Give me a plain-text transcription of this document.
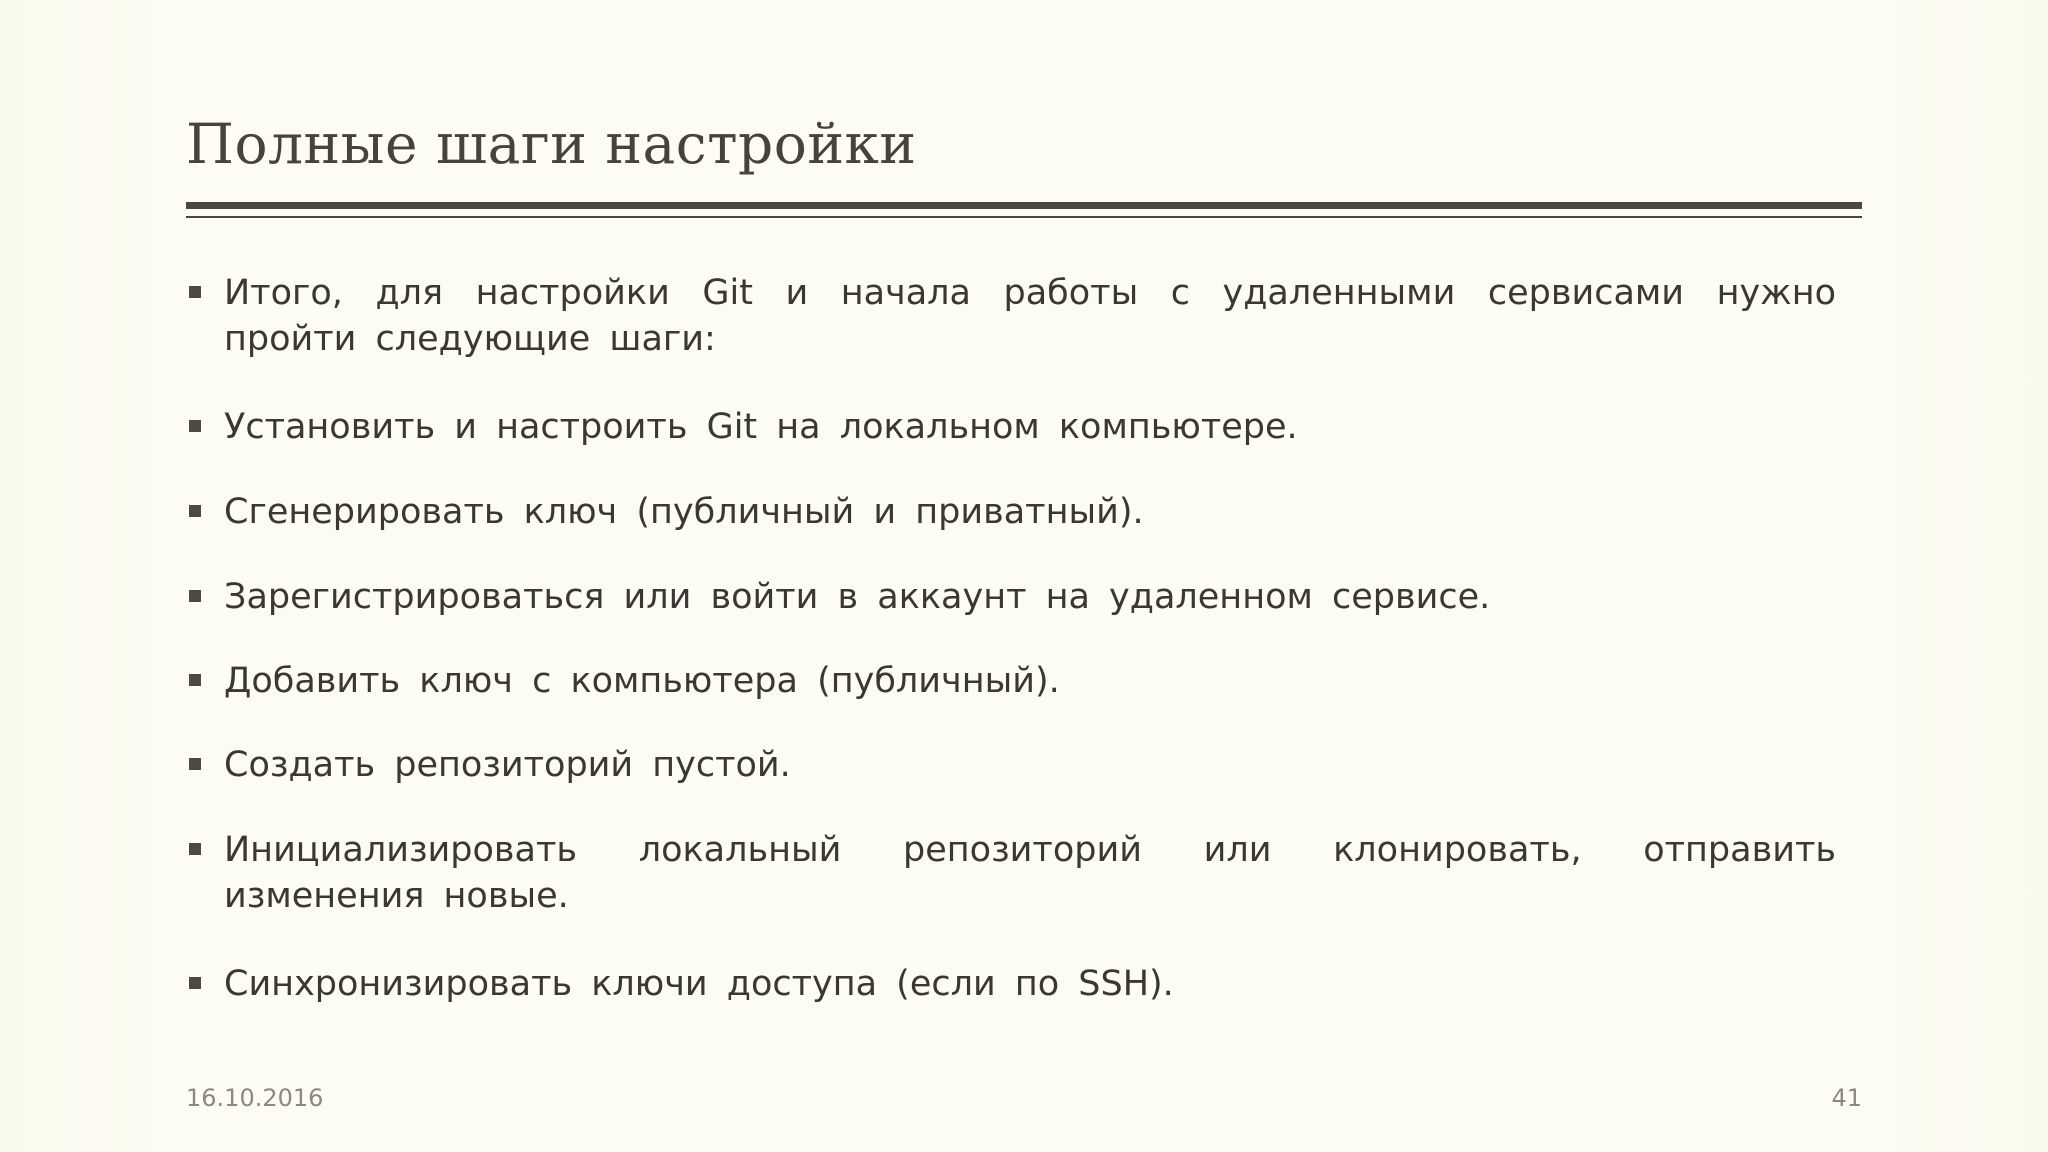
Полные шаги настройки
Итого, для настройки Git и начала работы с удаленными сервисами нужно пройти следующие шаги:
Установить и настроить Git на локальном компьютере.
Сгенерировать ключ (публичный и приватный).
Зарегистрироваться или войти в аккаунт на удаленном сервисе.
Добавить ключ с компьютера (публичный).
Создать репозиторий пустой.
Инициализировать локальный репозиторий или клонировать, отправить изменения новые.
Синхронизировать ключи доступа (если по SSH).
16.10.2016	41
